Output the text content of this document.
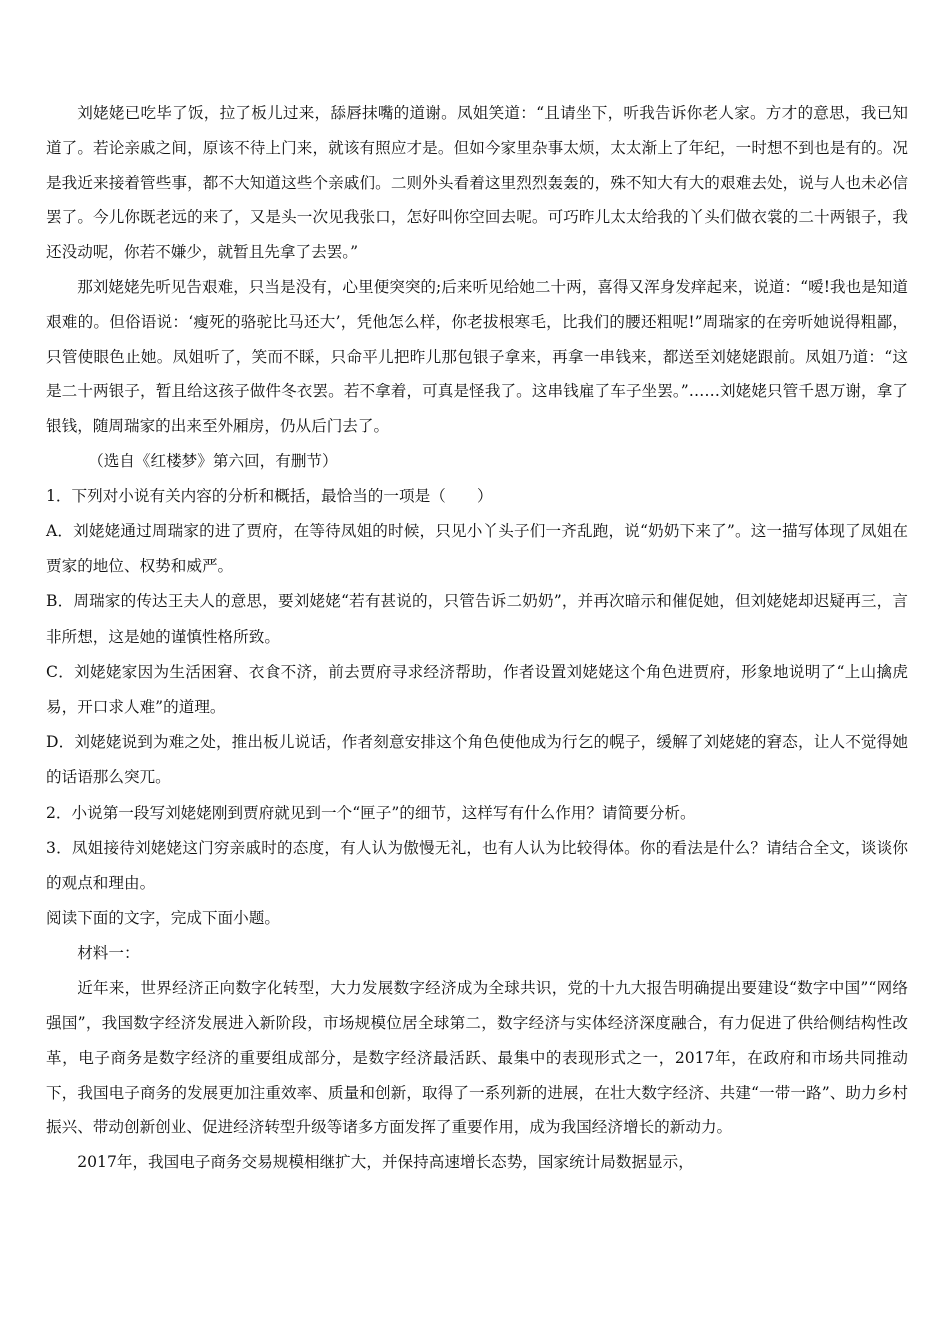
刘姥姥已吃毕了饭，拉了板儿过来，舔唇抹嘴的道谢。凤姐笑道：“且请坐下，听我告诉你老人家。方才的意思，我已知道了。若论亲戚之间，原该不待上门来，就该有照应才是。但如今家里杂事太烦，太太渐上了年纪，一时想不到也是有的。况是我近来接着管些事，都不大知道这些个亲戚们。二则外头看着这里烈烈轰轰的，殊不知大有大的艰难去处，说与人也未必信罢了。今儿你既老远的来了，又是头一次见我张口，怎好叫你空回去呢。可巧昨儿太太给我的丫头们做衣裳的二十两银子，我还没动呢，你若不嫌少，就暂且先拿了去罢。”

那刘姥姥先听见告艰难，只当是没有，心里便突突的;后来听见给她二十两，喜得又浑身发痒起来，说道：“嗳!我也是知道艰难的。但俗语说：‘瘦死的骆驼比马还大’，凭他怎么样，你老拔根寒毛，比我们的腰还粗呢!”周瑞家的在旁听她说得粗鄙，只管使眼色止她。凤姐听了，笑而不睬，只命平儿把昨儿那包银子拿来，再拿一串钱来，都送至刘姥姥跟前。凤姐乃道：“这是二十两银子，暂且给这孩子做件冬衣罢。若不拿着，可真是怪我了。这串钱雇了车子坐罢。”……刘姥姥只管千恩万谢，拿了银钱，随周瑞家的出来至外厢房，仍从后门去了。

（选自《红楼梦》第六回，有删节）

1．下列对小说有关内容的分析和概括，最恰当的一项是（　　）

A．刘姥姥通过周瑞家的进了贾府，在等待凤姐的时候，只见小丫头子们一齐乱跑，说“奶奶下来了”。这一描写体现了凤姐在贾家的地位、权势和威严。

B．周瑞家的传达王夫人的意思，要刘姥姥“若有甚说的，只管告诉二奶奶”，并再次暗示和催促她，但刘姥姥却迟疑再三，言非所想，这是她的谨慎性格所致。

C．刘姥姥家因为生活困窘、衣食不济，前去贾府寻求经济帮助，作者设置刘姥姥这个角色进贾府，形象地说明了“上山擒虎易，开口求人难”的道理。

D．刘姥姥说到为难之处，推出板儿说话，作者刻意安排这个角色使他成为行乞的幌子，缓解了刘姥姥的窘态，让人不觉得她的话语那么突兀。

2．小说第一段写刘姥姥刚到贾府就见到一个“匣子”的细节，这样写有什么作用？请简要分析。

3．凤姐接待刘姥姥这门穷亲戚时的态度，有人认为傲慢无礼，也有人认为比较得体。你的看法是什么？请结合全文，谈谈你的观点和理由。

阅读下面的文字，完成下面小题。

材料一：

近年来，世界经济正向数字化转型，大力发展数字经济成为全球共识，党的十九大报告明确提出要建设“数字中国”“网络强国”，我国数字经济发展进入新阶段，市场规模位居全球第二，数字经济与实体经济深度融合，有力促进了供给侧结构性改革，电子商务是数字经济的重要组成部分，是数字经济最活跃、最集中的表现形式之一，2017年，在政府和市场共同推动下，我国电子商务的发展更加注重效率、质量和创新，取得了一系列新的进展，在壮大数字经济、共建“一带一路”、助力乡村振兴、带动创新创业、促进经济转型升级等诸多方面发挥了重要作用，成为我国经济增长的新动力。

2017年，我国电子商务交易规模相继扩大，并保持高速增长态势，国家统计局数据显示，
